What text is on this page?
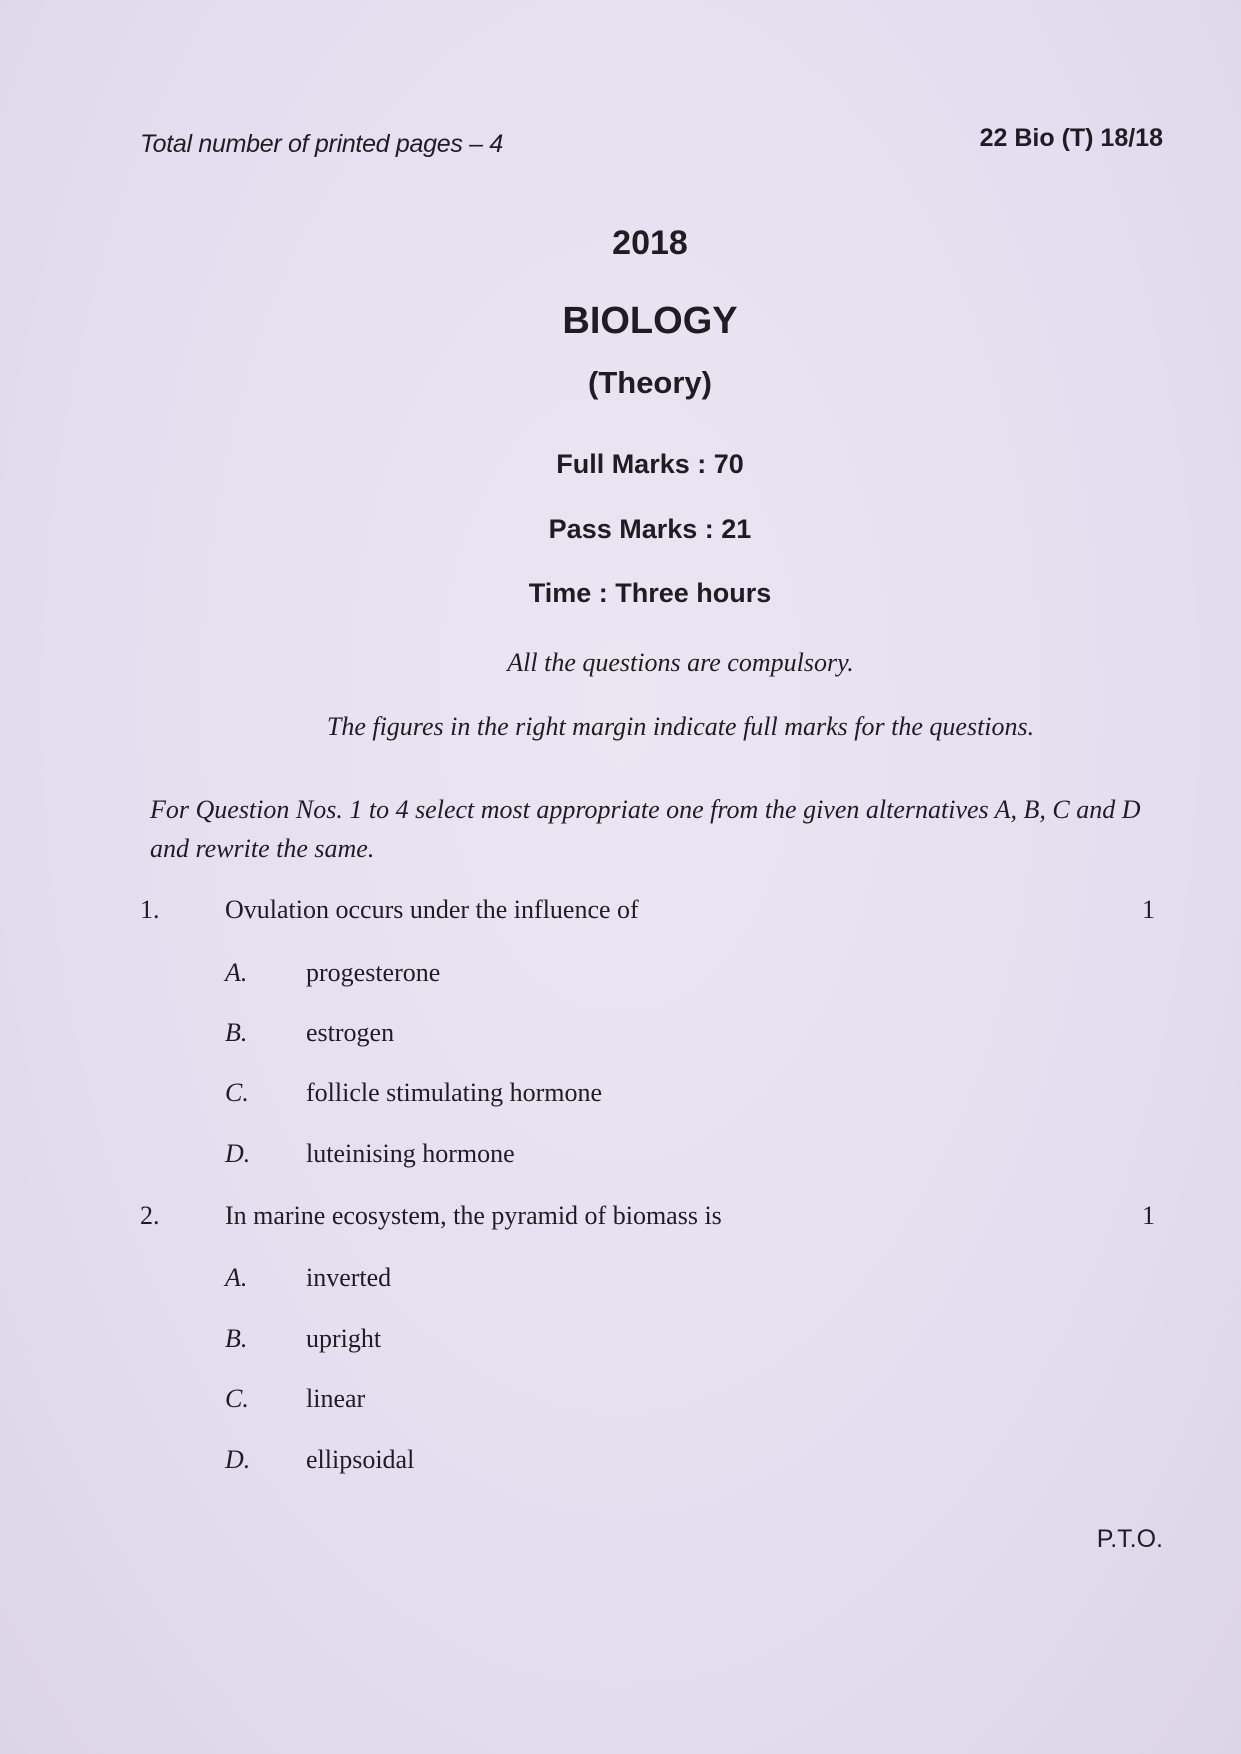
Total number of printed pages – 4	22 Bio (T) 18/18
2018
BIOLOGY
(Theory)
Full Marks : 70
Pass Marks : 21
Time : Three hours
All the questions are compulsory.
The figures in the right margin indicate full marks for the questions.
For Question Nos. 1 to 4 select most appropriate one from the given alternatives A, B, C and D and rewrite the same.
1.	Ovulation occurs under the influence of	1
A. progesterone
B. estrogen
C. follicle stimulating hormone
D. luteinising hormone
2.	In marine ecosystem, the pyramid of biomass is	1
A. inverted
B. upright
C. linear
D. ellipsoidal
P.T.O.
